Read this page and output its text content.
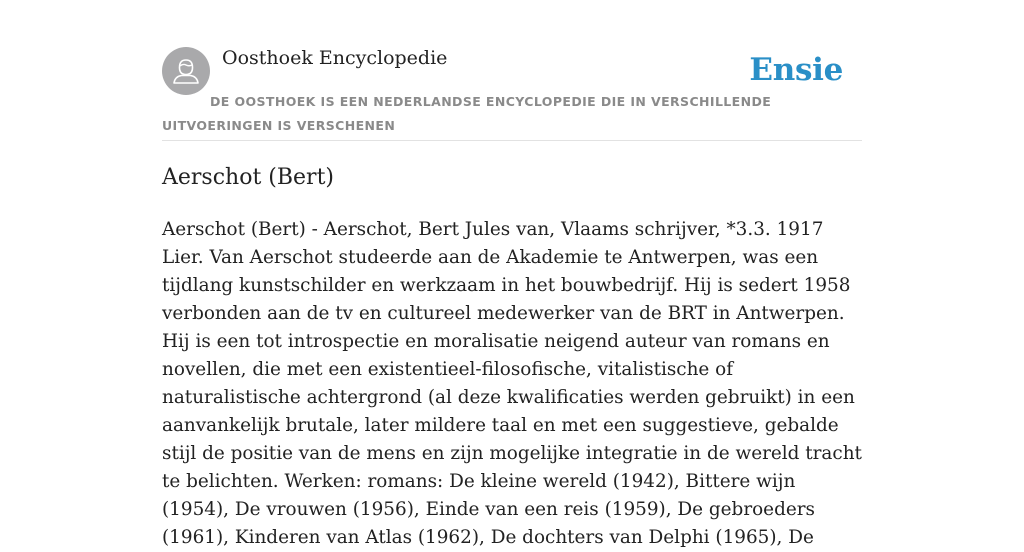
Oosthoek Encyclopedie	Ensie
DE OOSTHOEK IS EEN NEDERLANDSE ENCYCLOPEDIE DIE IN VERSCHILLENDE UITVOERINGEN IS VERSCHENEN
Aerschot (Bert)

Aerschot (Bert) - Aerschot, Bert Jules van, Vlaams schrijver, *3.3. 1917 Lier. Van Aerschot studeerde aan de Akademie te Antwerpen, was een tijdlang kunstschilder en werkzaam in het bouwbedrijf. Hij is sedert 1958 verbonden aan de tv en cultureel medewerker van de BRT in Antwerpen. Hij is een tot introspectie en moralisatie neigend auteur van romans en novellen, die met een existentieel-filosofische, vitalistische of naturalistische achtergrond (al deze kwalificaties werden gebruikt) in een aanvankelijk brutale, later mildere taal en met een suggestieve, gebalde stijl de positie van de mens en zijn mogelijke integratie in de wereld tracht te belichten. Werken: romans: De kleine wereld (1942), Bittere wijn (1954), De vrouwen (1956), Einde van een reis (1959), De gebroeders (1961), Kinderen van Atlas (1962), De dochters van Delphi (1965), De
